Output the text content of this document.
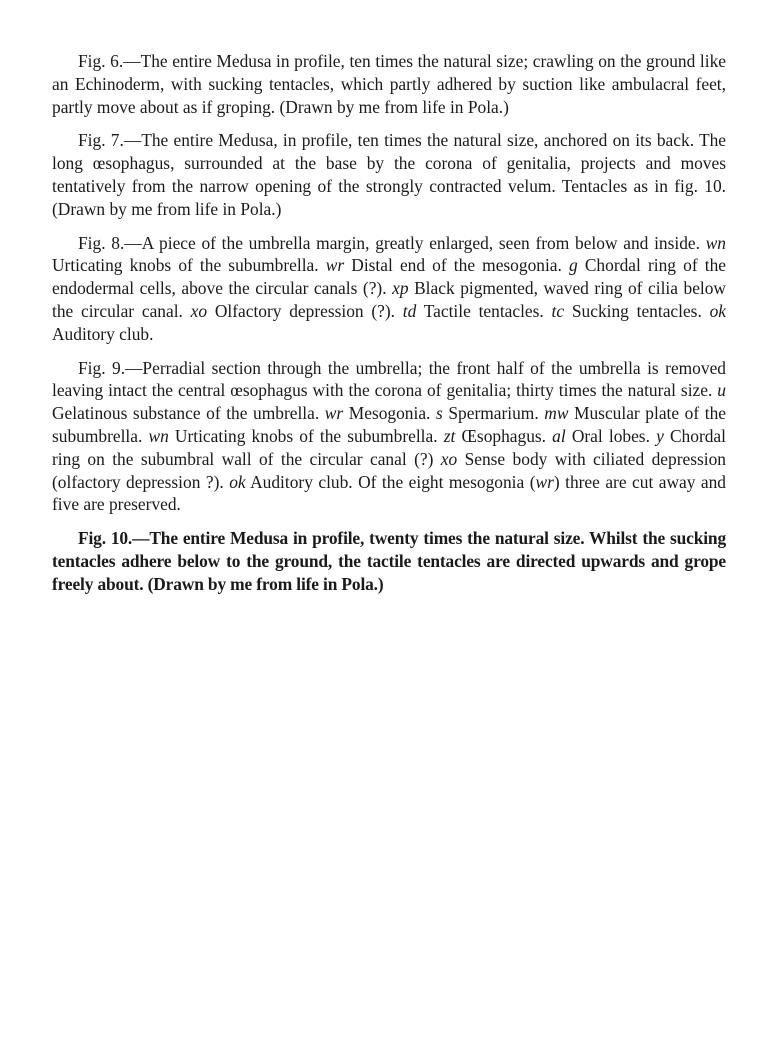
Fig. 6.—The entire Medusa in profile, ten times the natural size; crawling on the ground like an Echinoderm, with sucking tentacles, which partly adhered by suction like ambulacral feet, partly move about as if groping. (Drawn by me from life in Pola.)

Fig. 7.—The entire Medusa, in profile, ten times the natural size, anchored on its back. The long œsophagus, surrounded at the base by the corona of genitalia, projects and moves tentatively from the narrow opening of the strongly contracted velum. Tentacles as in fig. 10. (Drawn by me from life in Pola.)

Fig. 8.—A piece of the umbrella margin, greatly enlarged, seen from below and inside. wn Urticating knobs of the subumbrella. wr Distal end of the mesogonia. g Chordal ring of the endodermal cells, above the circular canals (?). xp Black pigmented, waved ring of cilia below the circular canal. xo Olfactory depression (?). td Tactile tentacles. tc Sucking tentacles. ok Auditory club.

Fig. 9.—Perradial section through the umbrella; the front half of the umbrella is removed leaving intact the central œsophagus with the corona of genitalia; thirty times the natural size. u Gelatinous substance of the umbrella. wr Mesogonia. s Spermarium. mw Muscular plate of the subumbrella. wn Urticating knobs of the subumbrella. zt Œsophagus. al Oral lobes. y Chordal ring on the subumbral wall of the circular canal (?) xo Sense body with ciliated depression (olfactory depression ?). ok Auditory club. Of the eight mesogonia (wr) three are cut away and five are preserved.

Fig. 10.—The entire Medusa in profile, twenty times the natural size. Whilst the sucking tentacles adhere below to the ground, the tactile tentacles are directed upwards and grope freely about. (Drawn by me from life in Pola.)
